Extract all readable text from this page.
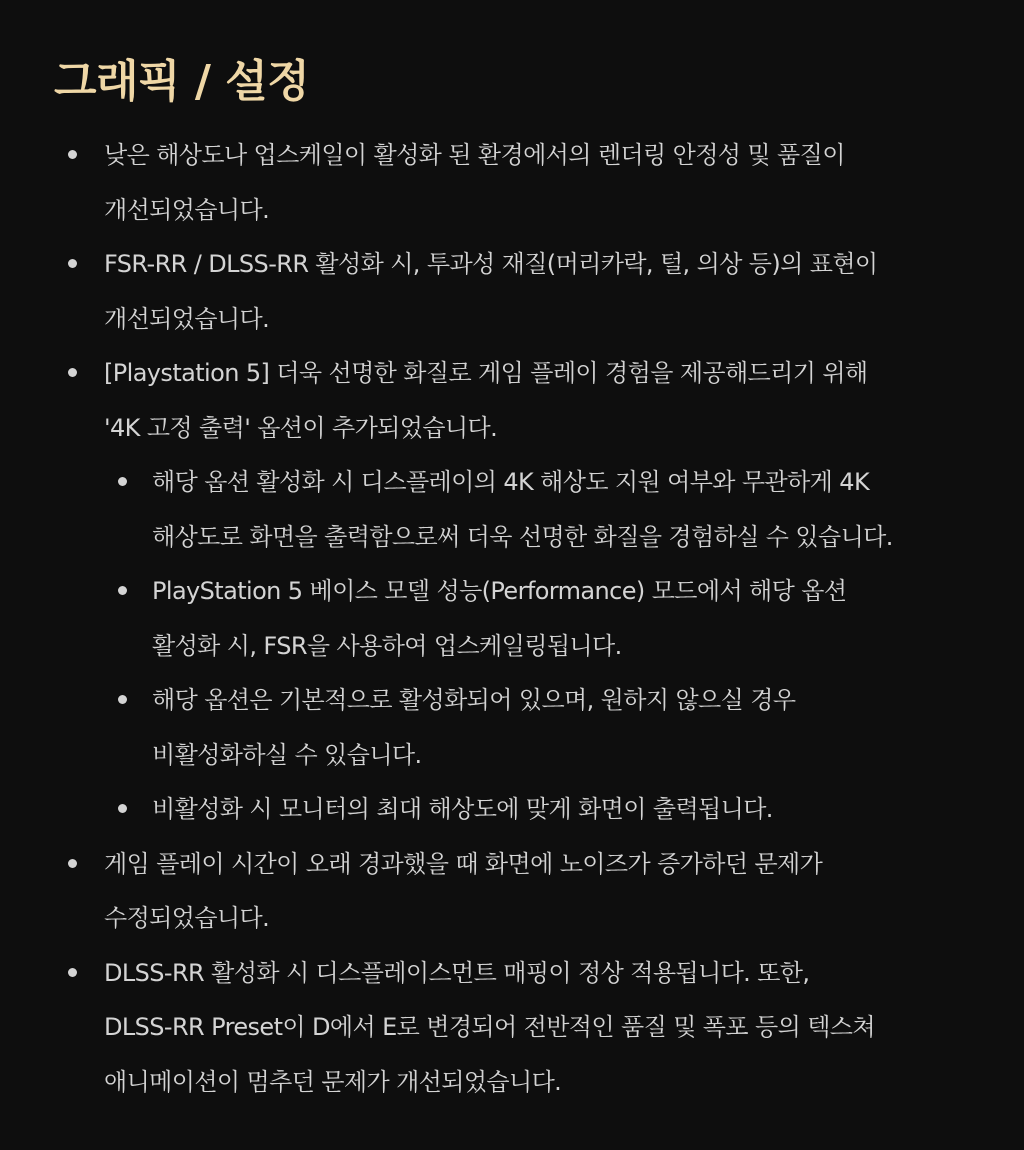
그래픽 / 설정
낮은 해상도나 업스케일이 활성화 된 환경에서의 렌더링 안정성 및 품질이
개선되었습니다.
FSR-RR / DLSS-RR 활성화 시, 투과성 재질(머리카락, 털, 의상 등)의 표현이
개선되었습니다.
[Playstation 5] 더욱 선명한 화질로 게임 플레이 경험을 제공해드리기 위해
'4K 고정 출력' 옵션이 추가되었습니다.
해당 옵션 활성화 시 디스플레이의 4K 해상도 지원 여부와 무관하게 4K
해상도로 화면을 출력함으로써 더욱 선명한 화질을 경험하실 수 있습니다.
PlayStation 5 베이스 모델 성능(Performance) 모드에서 해당 옵션
활성화 시, FSR을 사용하여 업스케일링됩니다.
해당 옵션은 기본적으로 활성화되어 있으며, 원하지 않으실 경우
비활성화하실 수 있습니다.
비활성화 시 모니터의 최대 해상도에 맞게 화면이 출력됩니다.
게임 플레이 시간이 오래 경과했을 때 화면에 노이즈가 증가하던 문제가
수정되었습니다.
DLSS-RR 활성화 시 디스플레이스먼트 매핑이 정상 적용됩니다. 또한,
DLSS-RR Preset이 D에서 E로 변경되어 전반적인 품질 및 폭포 등의 텍스쳐
애니메이션이 멈추던 문제가 개선되었습니다.
